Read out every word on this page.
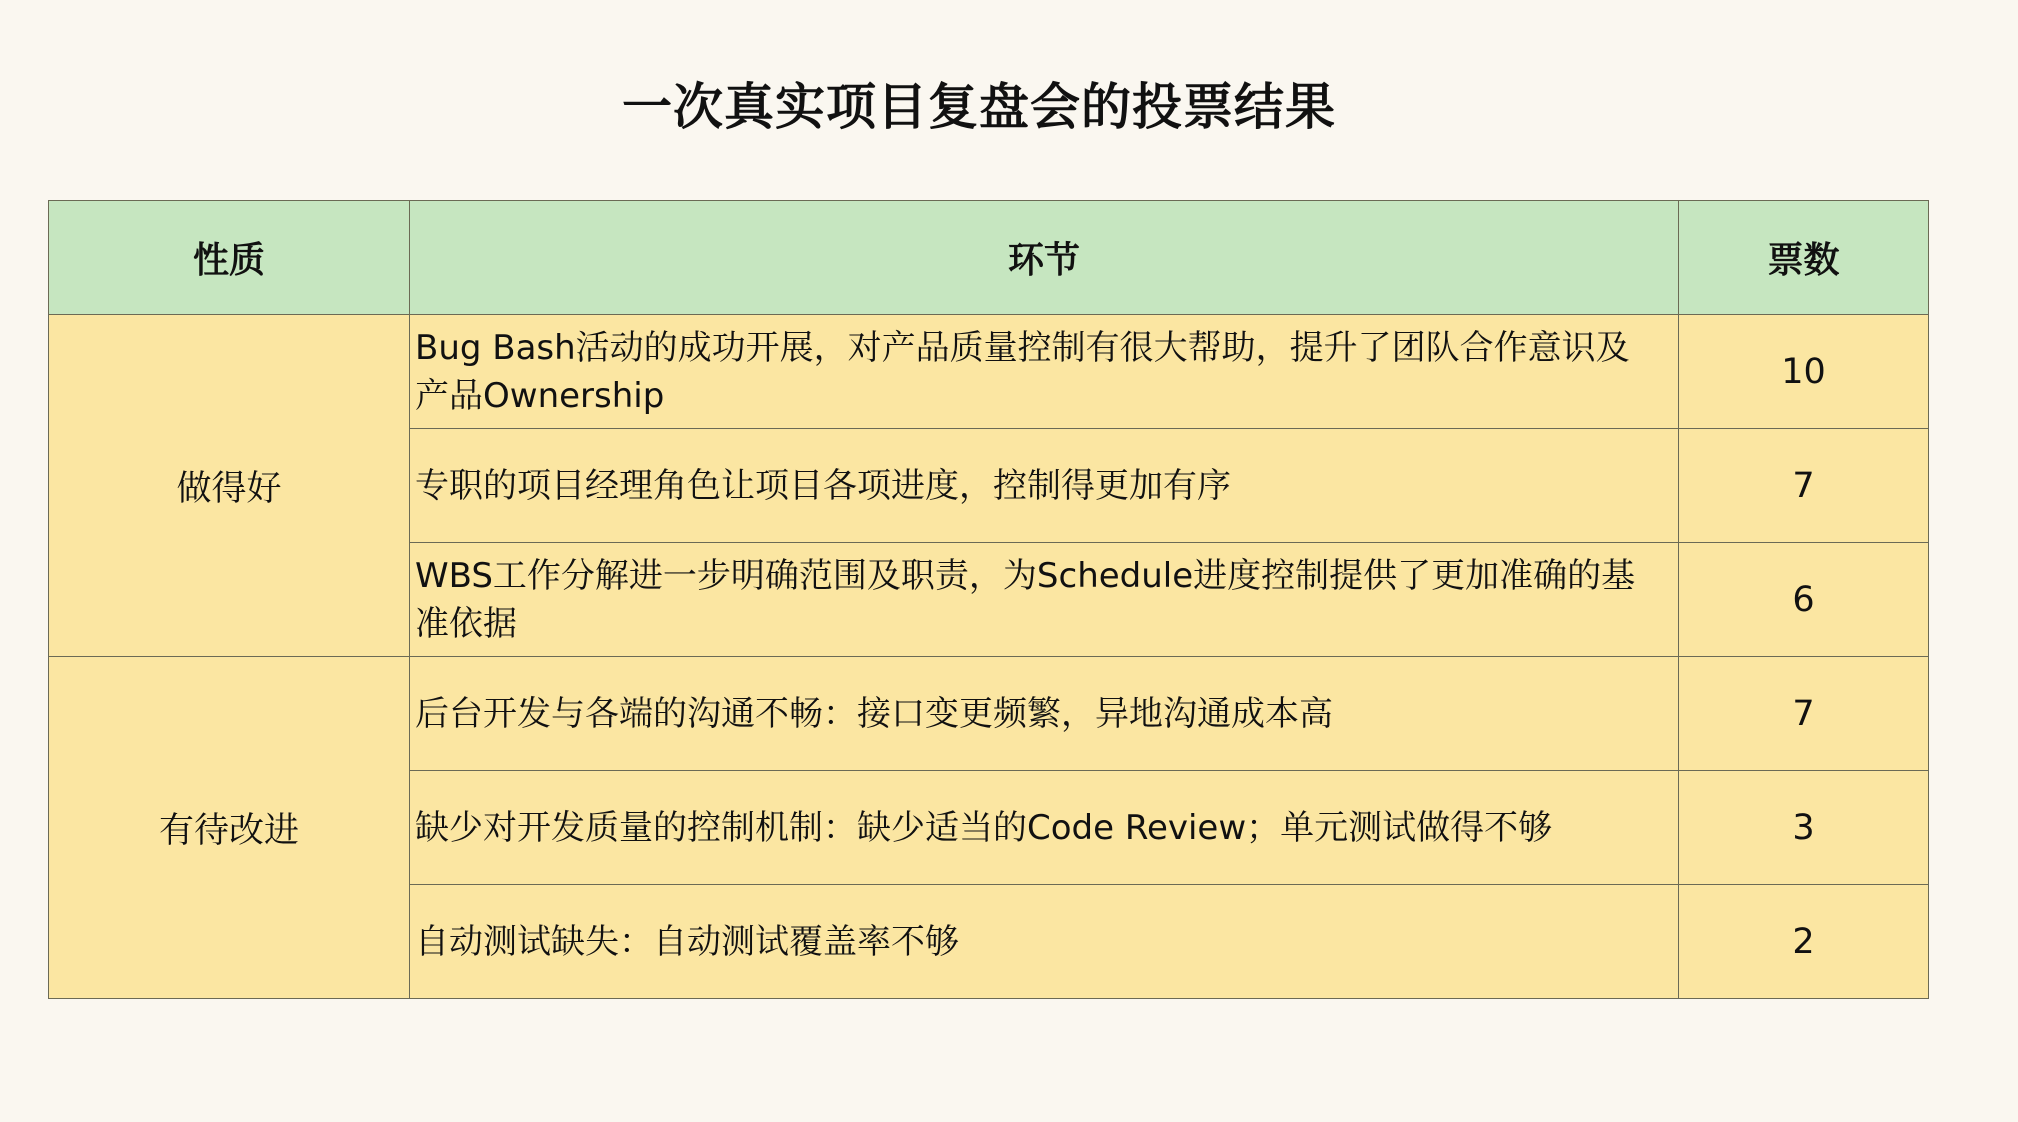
一次真实项目复盘会的投票结果
性质	环节	票数
做得好	Bug Bash活动的成功开展，对产品质量控制有很大帮助，提升了团队合作意识及产品Ownership	10
	专职的项目经理角色让项目各项进度，控制得更加有序	7
	WBS工作分解进一步明确范围及职责，为Schedule进度控制提供了更加准确的基准依据	6
有待改进	后台开发与各端的沟通不畅：接口变更频繁，异地沟通成本高	7
	缺少对开发质量的控制机制：缺少适当的Code Review；单元测试做得不够	3
	自动测试缺失：自动测试覆盖率不够	2
